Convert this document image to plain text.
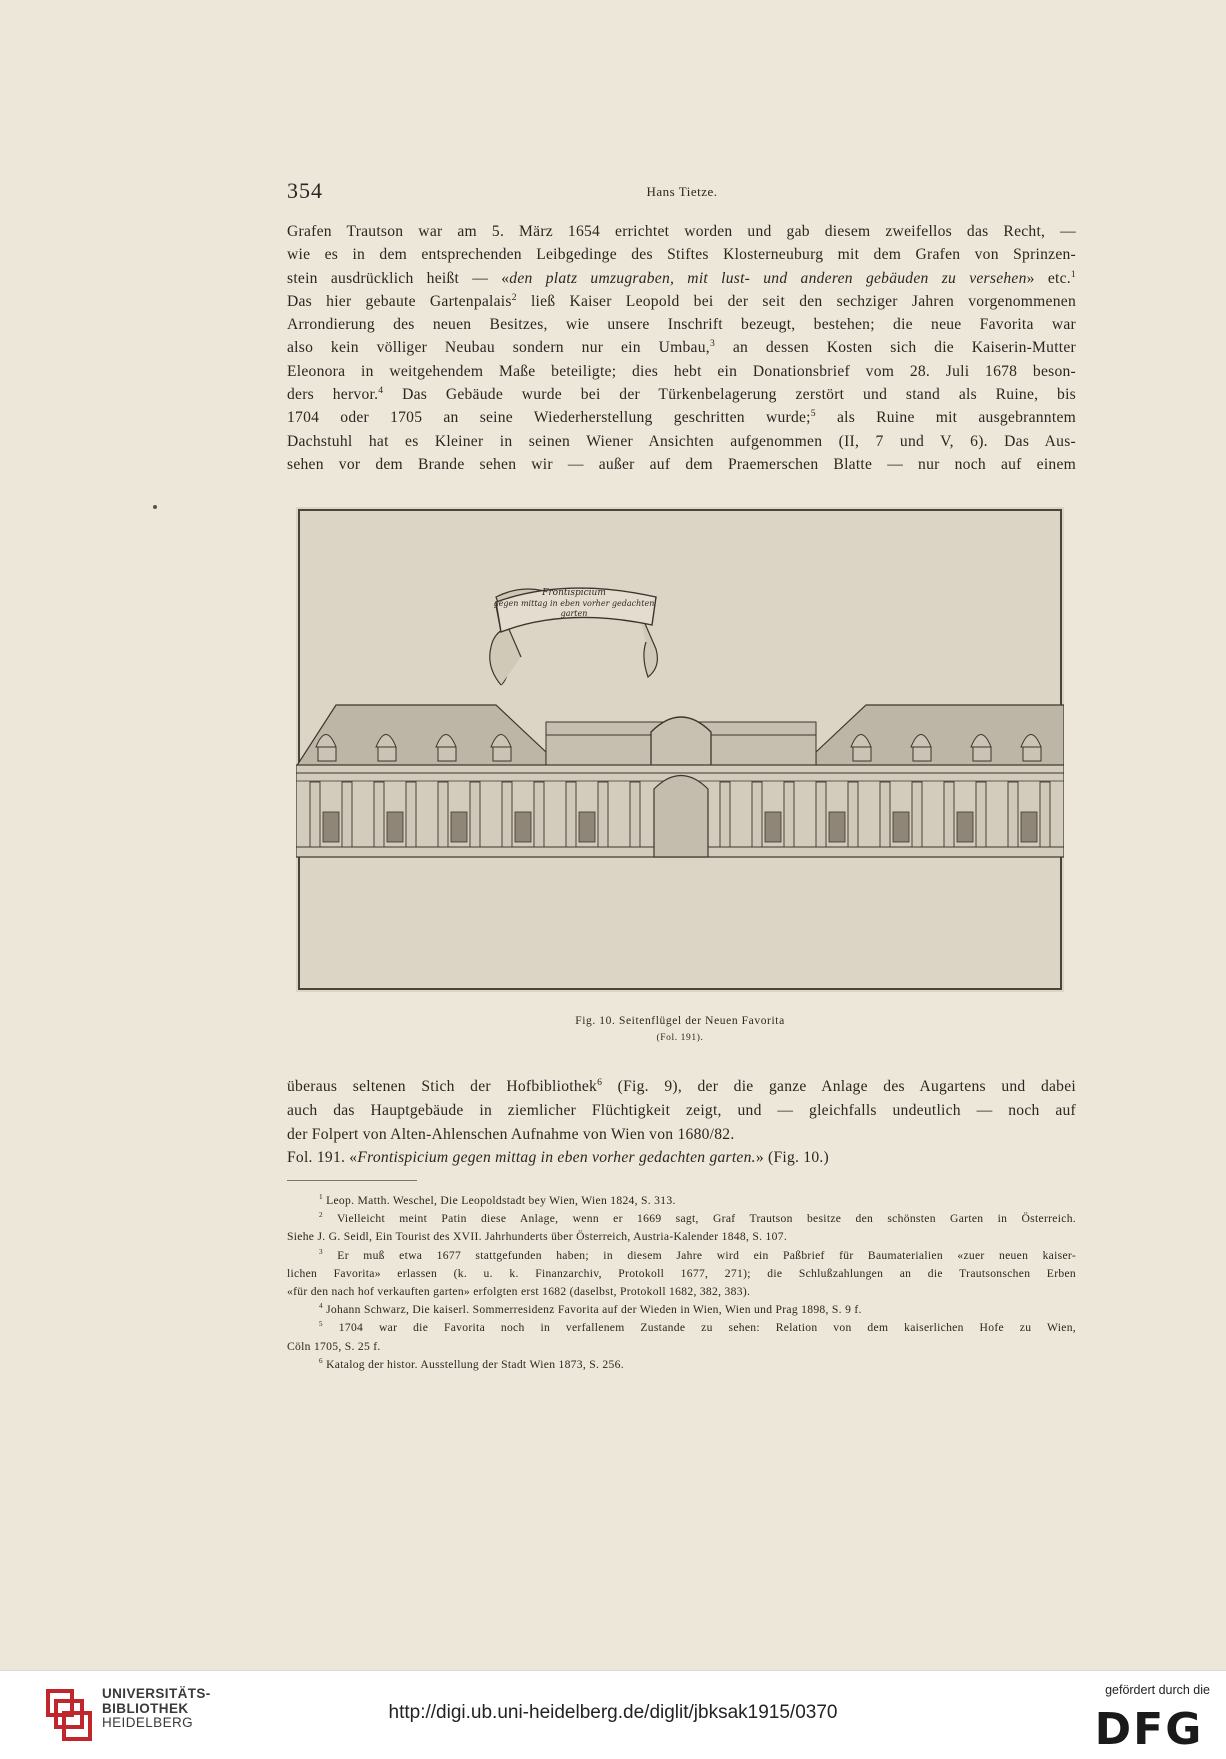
354	Hans Tietze.
Grafen Trautson war am 5. März 1654 errichtet worden und gab diesem zweifellos das Recht, —
wie es in dem entsprechenden Leibgedinge des Stiftes Klosterneuburg mit dem Grafen von Sprinzen-
stein ausdrücklich heißt — «den platz umzugraben, mit lust- und anderen gebäuden zu versehen» etc.$^1$
Das hier gebaute Gartenpalais$^2$ ließ Kaiser Leopold bei der seit den sechziger Jahren vorgenommenen
Arrondierung des neuen Besitzes, wie unsere Inschrift bezeugt, bestehen; die neue Favorita war
also kein völliger Neubau sondern nur ein Umbau,$^3$ an dessen Kosten sich die Kaiserin-Mutter
Eleonora in weitgehendem Maße beteiligte; dies hebt ein Donationsbrief vom 28. Juli 1678 beson-
ders hervor.$^4$ Das Gebäude wurde bei der Türkenbelagerung zerstört und stand als Ruine, bis
1704 oder 1705 an seine Wiederherstellung geschritten wurde;$^5$ als Ruine mit ausgebranntem
Dachstuhl hat es Kleiner in seinen Wiener Ansichten aufgenommen (II, 7 und V, 6). Das Aus-
sehen vor dem Brande sehen wir — außer auf dem Praemerschen Blatte — nur noch auf einem
Frontispicium
gegen mittag in eben vorher gedachten
garten
Fig. 10. Seitenflügel der Neuen Favorita
(Fol. 191).
überaus seltenen Stich der Hofbibliothek$^6$ (Fig. 9), der die ganze Anlage des Augartens und dabei
auch das Hauptgebäude in ziemlicher Flüchtigkeit zeigt, und — gleichfalls undeutlich — noch auf
der Folpert von Alten-Ahlenschen Aufnahme von Wien von 1680/82.
Fol. 191. «Frontispicium gegen mittag in eben vorher gedachten garten.» (Fig. 10.)
$^1$ Leop. Matth. Weschel, Die Leopoldstadt bey Wien, Wien 1824, S. 313.
$^2$ Vielleicht meint Patin diese Anlage, wenn er 1669 sagt, Graf Trautson besitze den schönsten Garten in Österreich.
Siehe J. G. Seidl, Ein Tourist des XVII. Jahrhunderts über Österreich, Austria-Kalender 1848, S. 107.
$^3$ Er muß etwa 1677 stattgefunden haben; in diesem Jahre wird ein Paßbrief für Baumaterialien «zuer neuen kaiser-
lichen Favorita» erlassen (k. u. k. Finanzarchiv, Protokoll 1677, 271); die Schlußzahlungen an die Trautsonschen Erben
«für den nach hof verkauften garten» erfolgten erst 1682 (daselbst, Protokoll 1682, 382, 383).
$^4$ Johann Schwarz, Die kaiserl. Sommerresidenz Favorita auf der Wieden in Wien, Wien und Prag 1898, S. 9 f.
$^5$ 1704 war die Favorita noch in verfallenem Zustande zu sehen: Relation von dem kaiserlichen Hofe zu Wien,
Cöln 1705, S. 25 f.
$^6$ Katalog der histor. Ausstellung der Stadt Wien 1873, S. 256.
UNIVERSITÄTS-
BIBLIOTHEK
HEIDELBERG	http://digi.ub.uni-heidelberg.de/diglit/jbksak1915/0370
gefördert durch die
DFG
